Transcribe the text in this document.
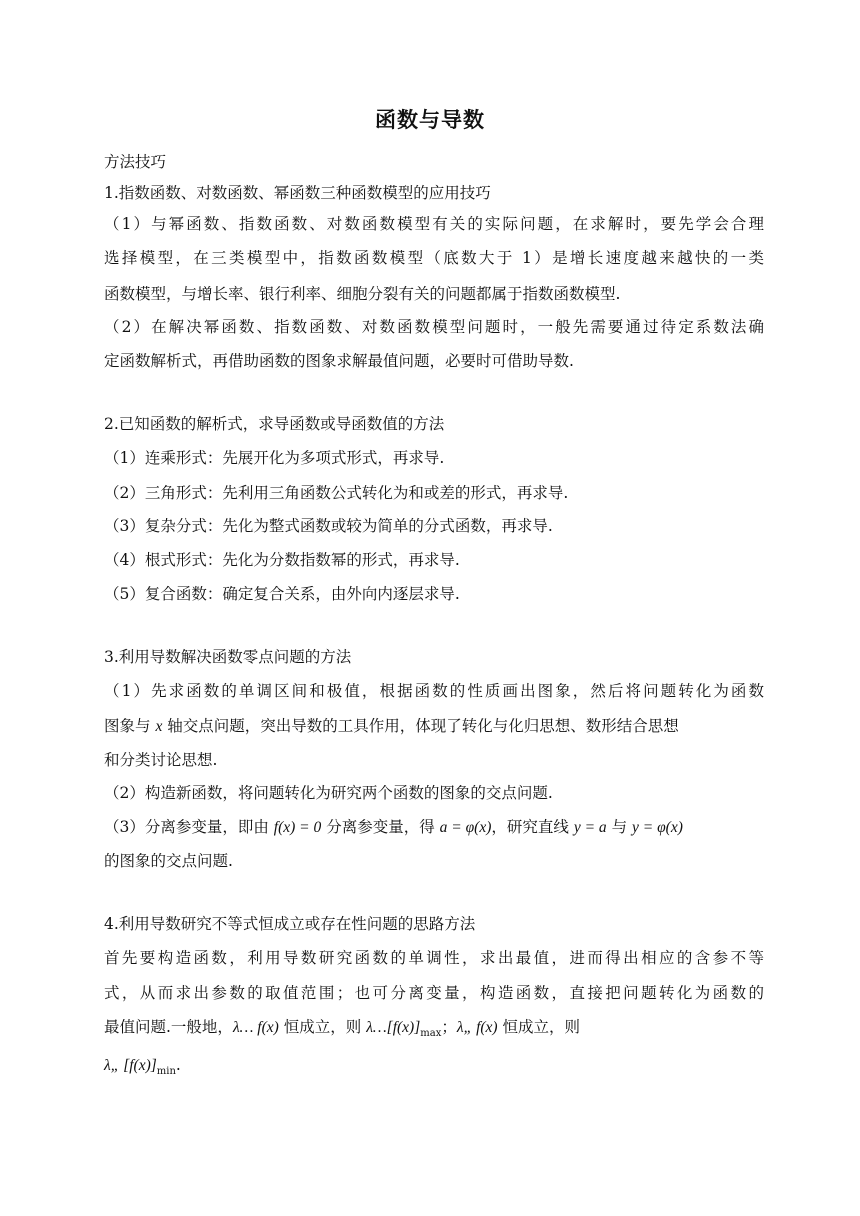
函数与导数
方法技巧
1.指数函数、对数函数、幂函数三种函数模型的应用技巧
（1）与幂函数、指数函数、对数函数模型有关的实际问题，在求解时，要先学会合理
选择模型，在三类模型中，指数函数模型（底数大于 1）是增长速度越来越快的一类
函数模型，与增长率、银行利率、细胞分裂有关的问题都属于指数函数模型.
（2）在解决幂函数、指数函数、对数函数模型问题时，一般先需要通过待定系数法确
定函数解析式，再借助函数的图象求解最值问题，必要时可借助导数.
2.已知函数的解析式，求导函数或导函数值的方法
（1）连乘形式：先展开化为多项式形式，再求导.
（2）三角形式：先利用三角函数公式转化为和或差的形式，再求导.
（3）复杂分式：先化为整式函数或较为简单的分式函数，再求导.
（4）根式形式：先化为分数指数幂的形式，再求导.
（5）复合函数：确定复合关系，由外向内逐层求导.
3.利用导数解决函数零点问题的方法
（1）先求函数的单调区间和极值，根据函数的性质画出图象，然后将问题转化为函数
图象与 x 轴交点问题，突出导数的工具作用，体现了转化与化归思想、数形结合思想
和分类讨论思想.
（2）构造新函数，将问题转化为研究两个函数的图象的交点问题.
（3）分离参变量，即由 f(x) = 0 分离参变量，得 a = φ(x)，研究直线 y = a 与 y = φ(x)
的图象的交点问题.
4.利用导数研究不等式恒成立或存在性问题的思路方法
首先要构造函数，利用导数研究函数的单调性，求出最值，进而得出相应的含参不等
式，从而求出参数的取值范围；也可分离变量，构造函数，直接把问题转化为函数的
最值问题.一般地，λ… f(x) 恒成立，则 $\lambda\dots[f(x)]_{max}$；λ„ f(x) 恒成立，则
λ„ $[f(x)]_{min}$.
